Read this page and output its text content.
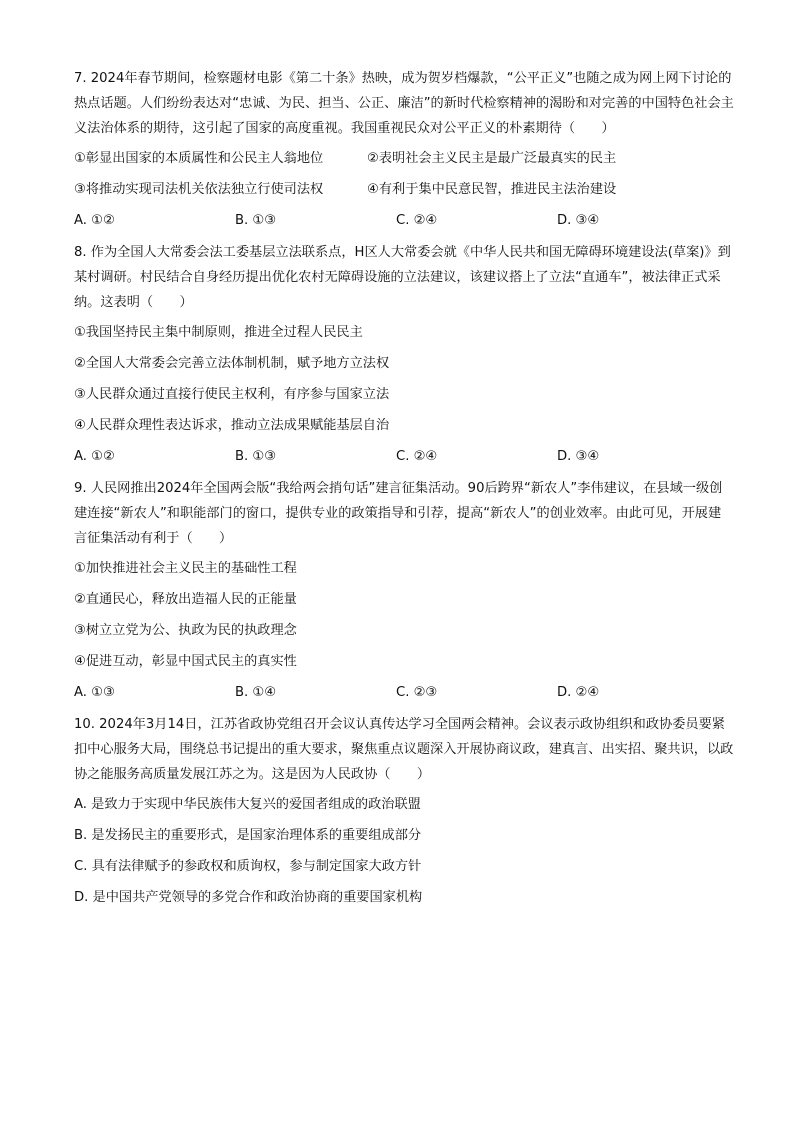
7. 2024年春节期间，检察题材电影《第二十条》热映，成为贺岁档爆款，“公平正义”也随之成为网上网下讨论的热点话题。人们纷纷表达对“忠诚、为民、担当、公正、廉洁”的新时代检察精神的渴盼和对完善的中国特色社会主义法治体系的期待，这引起了国家的高度重视。我国重视民众对公平正义的朴素期待（　　）

①彰显出国家的本质属性和公民主人翁地位	②表明社会主义民主是最广泛最真实的民主
③将推动实现司法机关依法独立行使司法权	④有利于集中民意民智，推进民主法治建设
A. ①②	B. ①③	C. ②④	D. ③④

8. 作为全国人大常委会法工委基层立法联系点，H区人大常委会就《中华人民共和国无障碍环境建设法(草案)》到某村调研。村民结合自身经历提出优化农村无障碍设施的立法建议，该建议搭上了立法“直通车”，被法律正式采纳。这表明（　　）

①我国坚持民主集中制原则，推进全过程人民民主
②全国人大常委会完善立法体制机制，赋予地方立法权
③人民群众通过直接行使民主权利，有序参与国家立法
④人民群众理性表达诉求，推动立法成果赋能基层自治
A. ①②	B. ①③	C. ②④	D. ③④

9. 人民网推出2024年全国两会版“我给两会捎句话”建言征集活动。90后跨界“新农人”李伟建议，在县域一级创建连接“新农人”和职能部门的窗口，提供专业的政策指导和引荐，提高“新农人”的创业效率。由此可见，开展建言征集活动有利于（　　）

①加快推进社会主义民主的基础性工程
②直通民心，释放出造福人民的正能量
③树立立党为公、执政为民的执政理念
④促进互动，彰显中国式民主的真实性
A. ①③	B. ①④	C. ②③	D. ②④

10. 2024年3月14日，江苏省政协党组召开会议认真传达学习全国两会精神。会议表示政协组织和政协委员要紧扣中心服务大局，围绕总书记提出的重大要求，聚焦重点议题深入开展协商议政，建真言、出实招、聚共识，以政协之能服务高质量发展江苏之为。这是因为人民政协（　　）

A. 是致力于实现中华民族伟大复兴的爱国者组成的政治联盟
B. 是发扬民主的重要形式，是国家治理体系的重要组成部分
C. 具有法律赋予的参政权和质询权，参与制定国家大政方针
D. 是中国共产党领导的多党合作和政治协商的重要国家机构
